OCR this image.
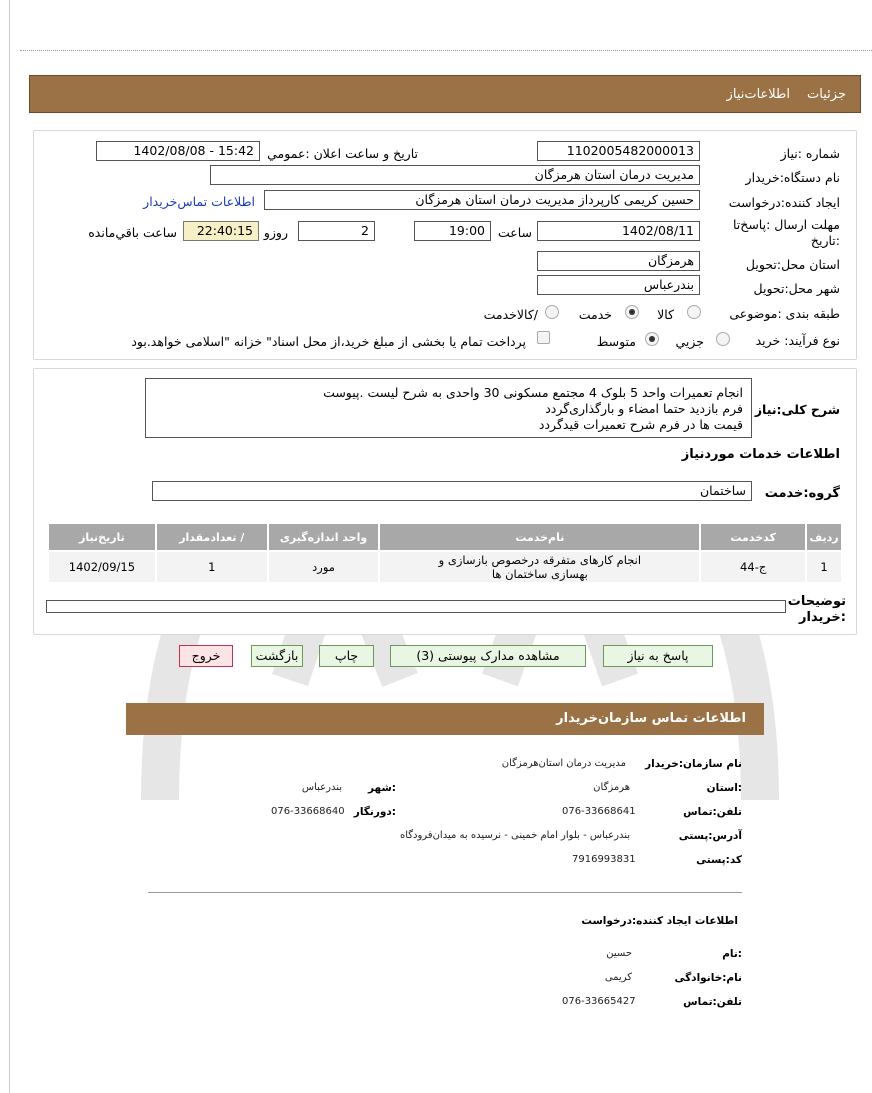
جزئيات
اطلاعات‌نیاز
شماره :نیاز
1102005482000013
تاریخ و ساعت اعلان :عمومي
1402/08/08 - 15:42
نام دستگاه:خریدار
مدیریت درمان استان هرمزگان
ایجاد کننده:درخواست
حسین کریمی کارپرداز مدیریت درمان استان هرمزگان
اطلاعات تماس‌خریدار
مهلت ارسال :پاسخ‌تا
:تاریخ
1402/08/11
ساعت
19:00
2
روزو
22:40:15
ساعت باقي‌مانده
استان محل:تحویل
هرمزگان
شهر محل:تحویل
بندرعباس
طبقه بندی :موضوعی
کالا
خدمت
/کالاخدمت
نوع فرآیند: خرید
جزیي
متوسط
پرداخت تمام یا بخشی از مبلغ خرید،از محل اسناد" خزانه "اسلامی خواهد.بود
شرح کلی:نیاز
انجام تعمیرات واحد 5 بلوک 4 مجتمع مسکونی 30 واحدی به شرح لیست .پیوست
فرم بازدید حتما امضاء و بارگذاری‌گردد
قیمت ها در فرم شرح تعمیرات قیدگردد
اطلاعات خدمات موردنیاز
گروه:خدمت
ساختمان
ردیف	کدخدمت	نام‌خدمت	واحد اندازه‌گیری	/ تعدادمقدار	تاریخ‌نیاز
1	ج-44	انجام کارهای متفرقه درخصوص بازسازی و
بهسازی ساختمان ها	مورد	1	1402/09/15
توضیحات
:خریدار
پاسخ به نیاز
مشاهده مدارک پیوستی (3)
چاپ
بازگشت
خروج
اطلاعات تماس سازمان‌خریدار
نام سازمان:خریدار
مدیریت درمان استان‌هرمزگان
:استان
هرمزگان
:شهر
بندرعباس
تلفن:تماس
076-33668641
:دورنگار
076-33668640
آدرس:پستی
بندرعباس - بلوار امام خمینی - نرسیده به میدان‌فرودگاه
کد:پستی
7916993831
اطلاعات ایجاد کننده:درخواست
:نام
حسین
نام:خانوادگی
کریمی
تلفن:تماس
076-33665427
